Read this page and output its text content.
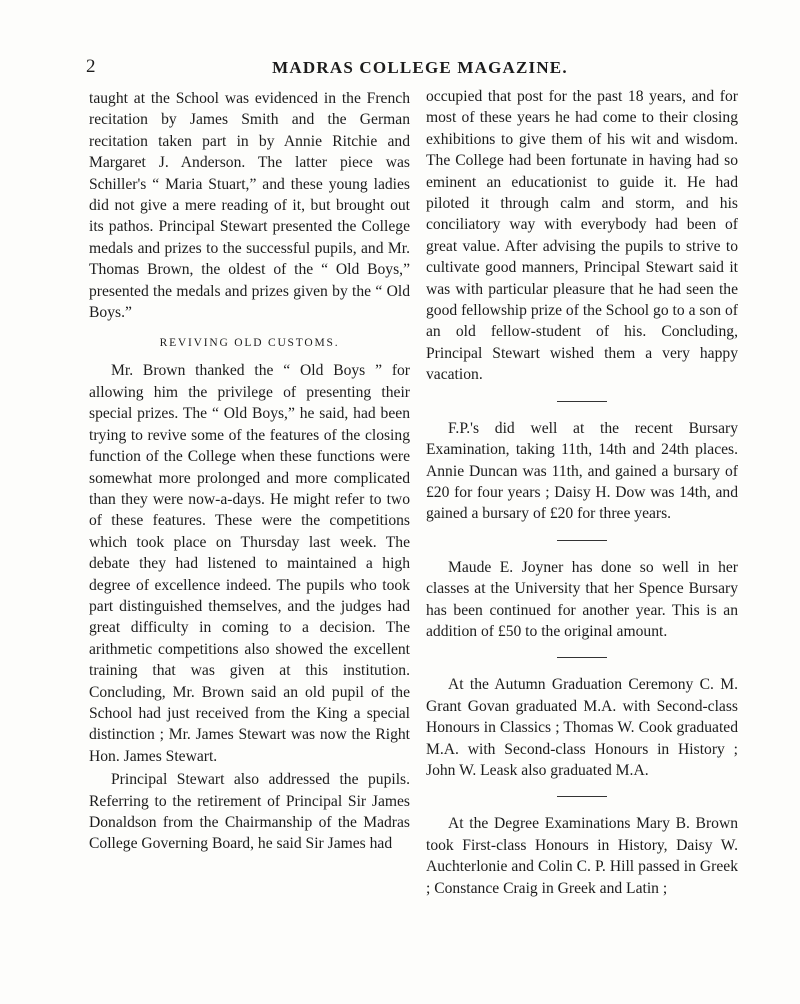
2	MADRAS COLLEGE MAGAZINE.

taught at the School was evidenced in the French recitation by James Smith and the German recitation taken part in by Annie Ritchie and Margaret J. Anderson. The latter piece was Schiller's “ Maria Stuart,” and these young ladies did not give a mere reading of it, but brought out its pathos. Principal Stewart presented the College medals and prizes to the successful pupils, and Mr. Thomas Brown, the oldest of the “ Old Boys,” presented the medals and prizes given by the “ Old Boys.”

REVIVING OLD CUSTOMS.

Mr. Brown thanked the “ Old Boys ” for allowing him the privilege of presenting their special prizes. The “ Old Boys,” he said, had been trying to revive some of the features of the closing function of the College when these functions were somewhat more prolonged and more complicated than they were now-a-days. He might refer to two of these features. These were the competitions which took place on Thursday last week. The debate they had listened to maintained a high degree of excellence indeed. The pupils who took part distinguished themselves, and the judges had great difficulty in coming to a decision. The arithmetic competitions also showed the excellent training that was given at this institution. Concluding, Mr. Brown said an old pupil of the School had just received from the King a special distinction ; Mr. James Stewart was now the Right Hon. James Stewart.

Principal Stewart also addressed the pupils. Referring to the retirement of Principal Sir James Donaldson from the Chairmanship of the Madras College Governing Board, he said Sir James had

occupied that post for the past 18 years, and for most of these years he had come to their closing exhibitions to give them of his wit and wisdom. The College had been fortunate in having had so eminent an educationist to guide it. He had piloted it through calm and storm, and his conciliatory way with everybody had been of great value. After advising the pupils to strive to cultivate good manners, Principal Stewart said it was with particular pleasure that he had seen the good fellowship prize of the School go to a son of an old fellow-student of his. Concluding, Principal Stewart wished them a very happy vacation.

F.P.'s did well at the recent Bursary Examination, taking 11th, 14th and 24th places. Annie Duncan was 11th, and gained a bursary of £20 for four years ; Daisy H. Dow was 14th, and gained a bursary of £20 for three years.

Maude E. Joyner has done so well in her classes at the University that her Spence Bursary has been continued for another year. This is an addition of £50 to the original amount.

At the Autumn Graduation Ceremony C. M. Grant Govan graduated M.A. with Second-class Honours in Classics ; Thomas W. Cook graduated M.A. with Second-class Honours in History ; John W. Leask also graduated M.A.

At the Degree Examinations Mary B. Brown took First-class Honours in History, Daisy W. Auchterlonie and Colin C. P. Hill passed in Greek ; Constance Craig in Greek and Latin ;
